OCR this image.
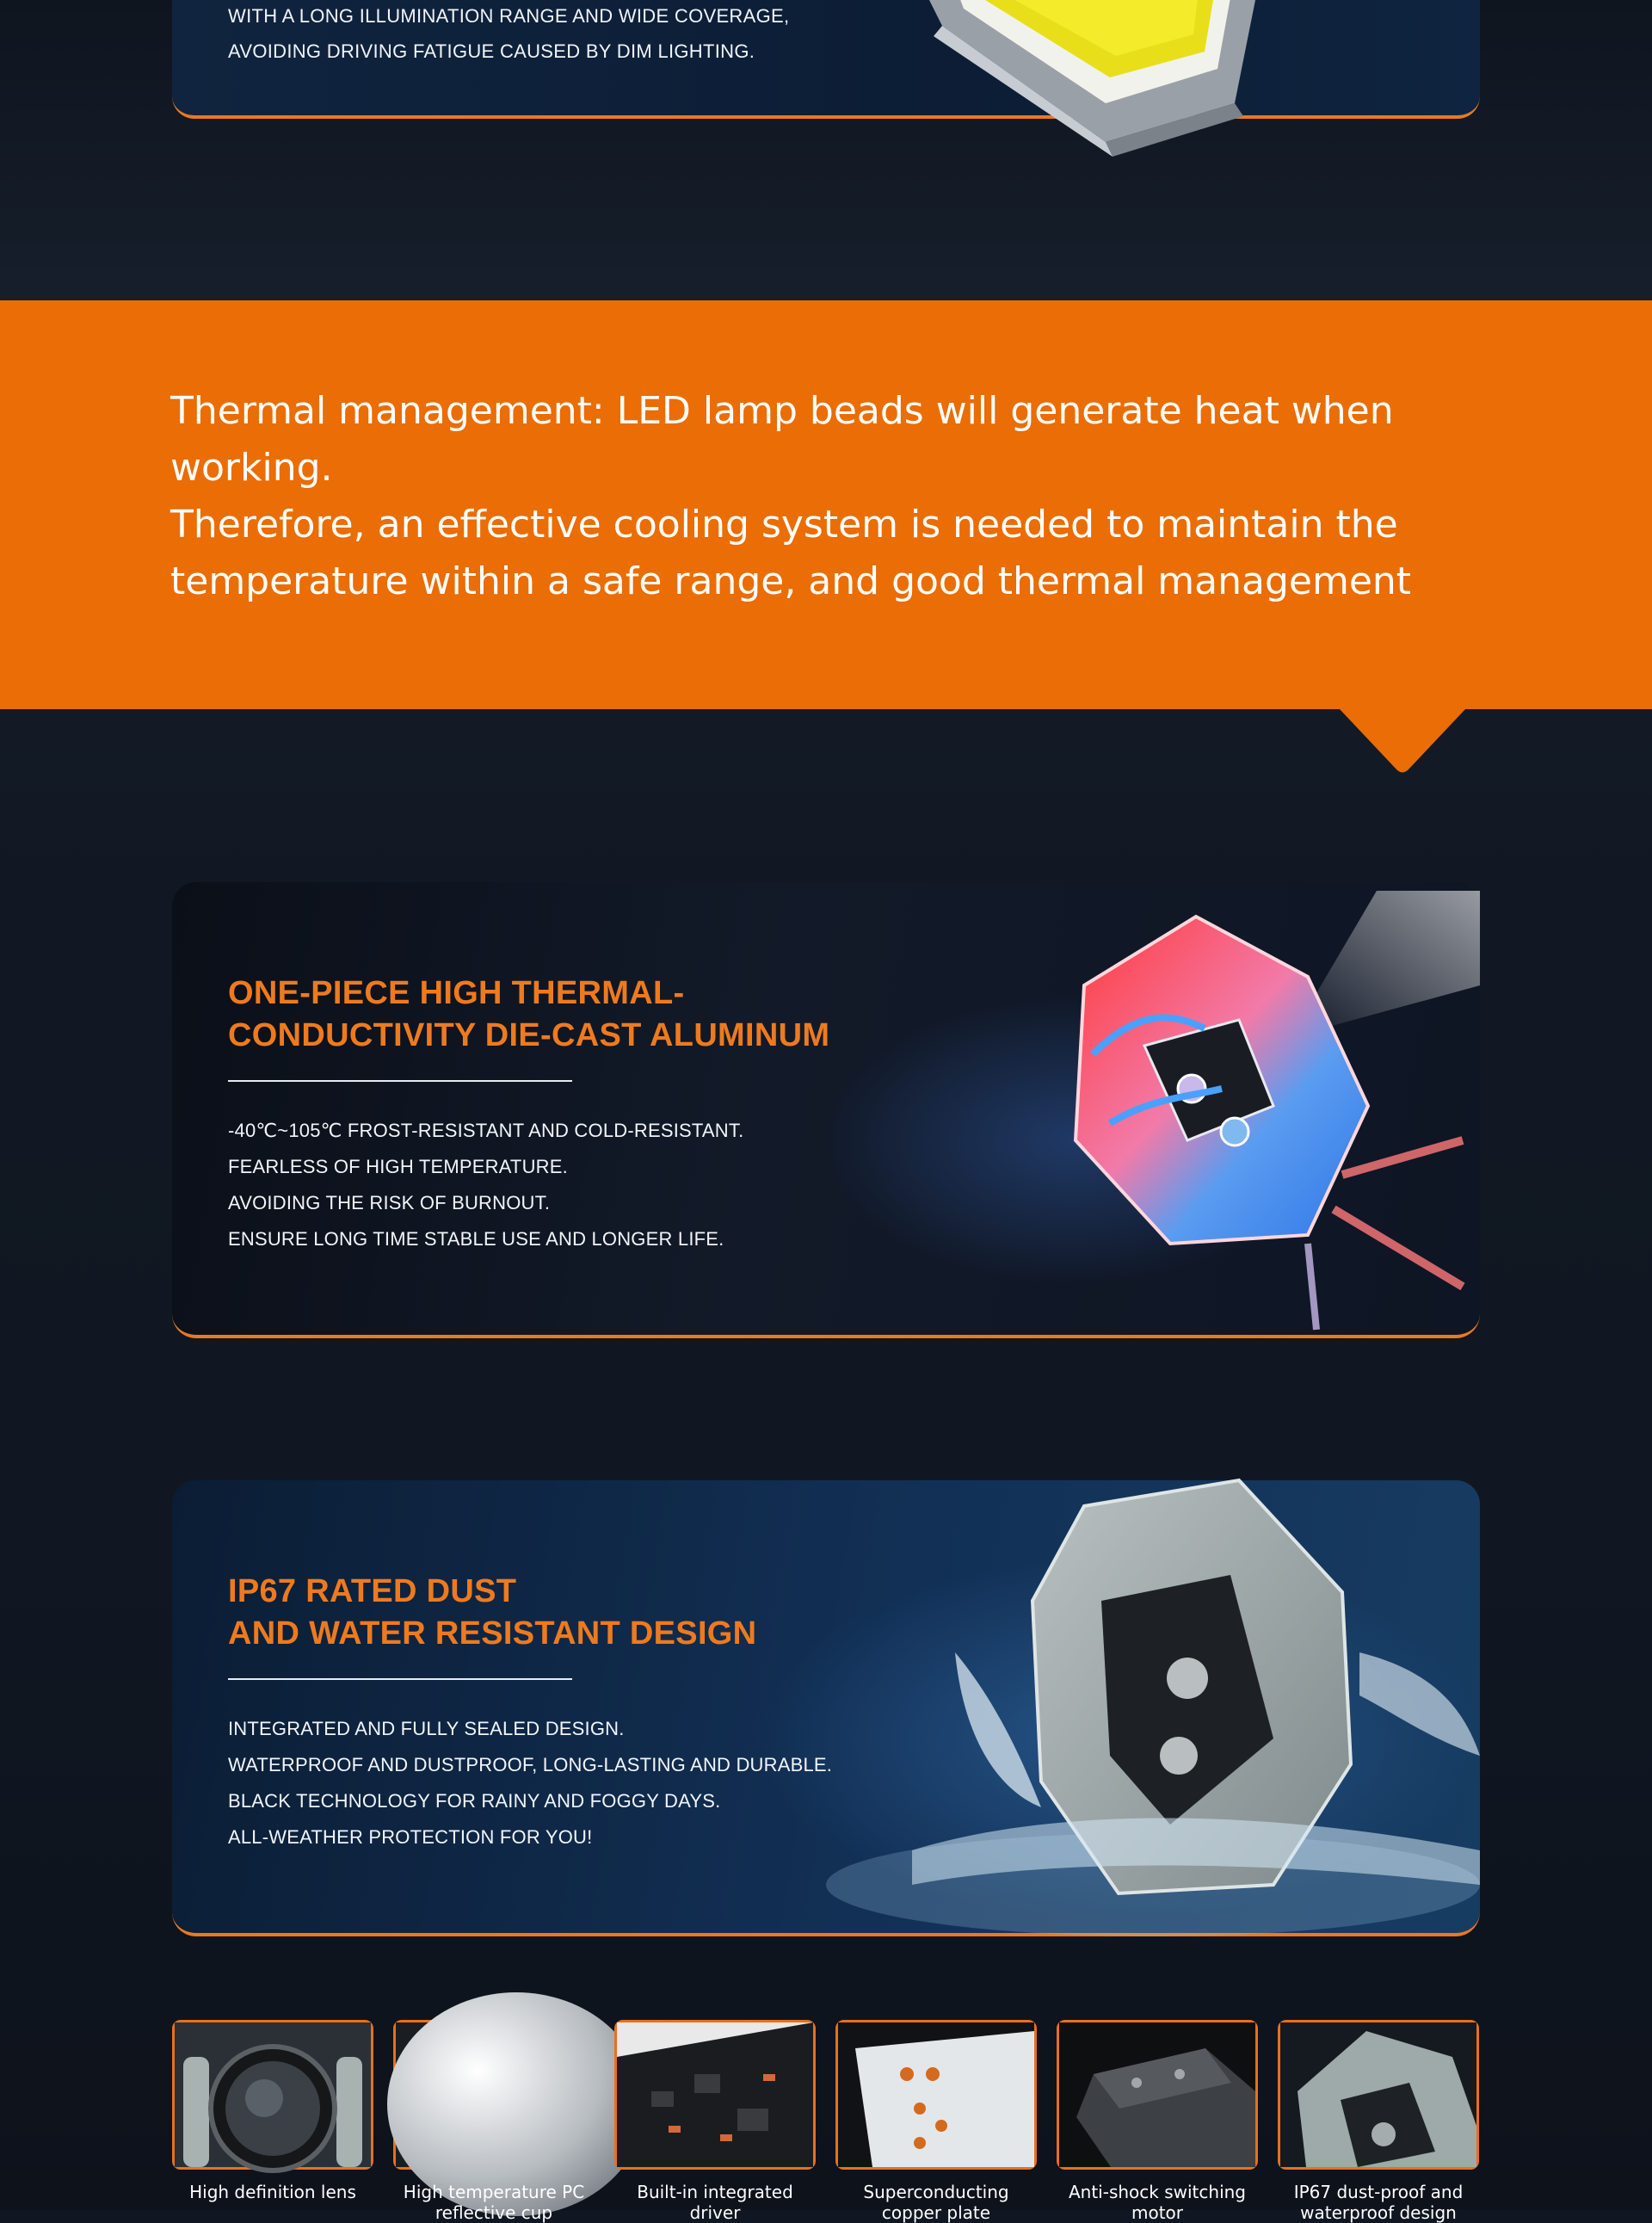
WITH A LONG ILLUMINATION RANGE AND WIDE COVERAGE,
AVOIDING DRIVING FATIGUE CAUSED BY DIM LIGHTING.
Thermal management: LED lamp beads will generate heat when
working.
Therefore, an effective cooling system is needed to maintain the
temperature within a safe range, and good thermal management
ONE-PIECE HIGH THERMAL-
CONDUCTIVITY DIE-CAST ALUMINUM
-40℃~105℃ FROST-RESISTANT AND COLD-RESISTANT.
FEARLESS OF HIGH TEMPERATURE.
AVOIDING THE RISK OF BURNOUT.
ENSURE LONG TIME STABLE USE AND LONGER LIFE.
IP67 RATED DUST
AND WATER RESISTANT DESIGN
INTEGRATED AND FULLY SEALED DESIGN.
WATERPROOF AND DUSTPROOF, LONG-LASTING AND DURABLE.
BLACK TECHNOLOGY FOR RAINY AND FOGGY DAYS.
ALL-WEATHER PROTECTION FOR YOU!
High definition lens	High temperature PC reflective cup
Built-in integrated driver
Superconducting copper plate
Anti-shock switching motor
IP67 dust-proof and waterproof design
